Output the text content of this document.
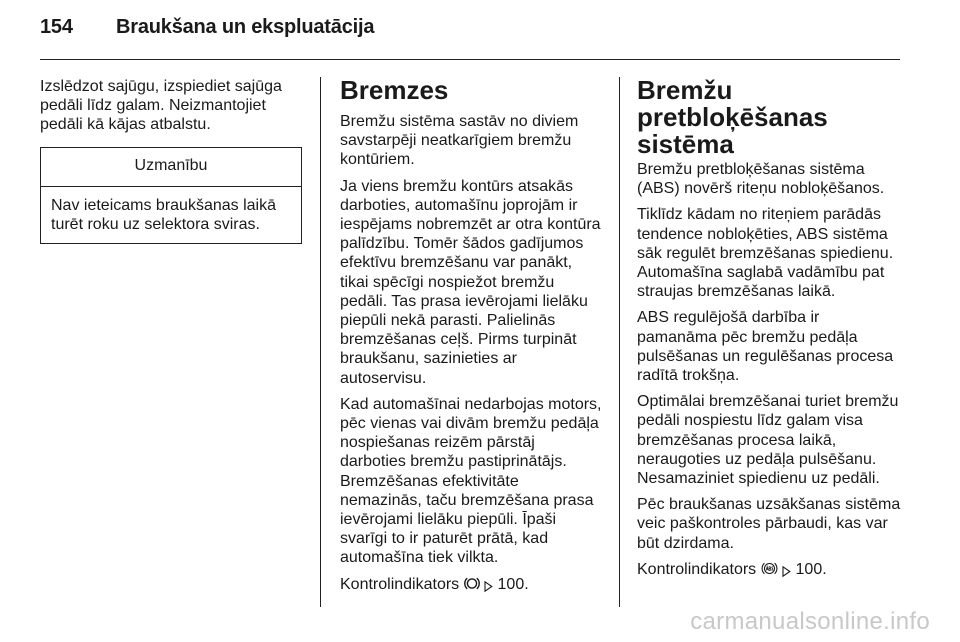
154 Braukšana un ekspluatācija

Izslēdzot sajūgu, izspiediet sajūga pedāli līdz galam. Neizmantojiet pedāli kā kājas atbalstu.

Uzmanību
Nav ieteicams braukšanas laikā turēt roku uz selektora sviras.
Bremzes

Bremžu sistēma sastāv no diviem savstarpēji neatkarīgiem bremžu kontūriem.

Ja viens bremžu kontūrs atsakās darboties, automašīnu joprojām ir iespējams nobremzēt ar otra kontūra palīdzību. Tomēr šādos gadījumos efektīvu bremzēšanu var panākt, tikai spēcīgi nospiežot bremžu pedāli. Tas prasa ievērojami lielāku piepūli nekā parasti. Palielinās bremzēšanas ceļš. Pirms turpināt braukšanu, sazinieties ar autoservisu.

Kad automašīnai nedarbojas motors, pēc vienas vai divām bremžu pedāļa nospiešanas reizēm pārstāj darboties bremžu pastiprinātājs. Bremzēšanas efektivitāte nemazinās, taču bremzēšana prasa ievērojami lielāku piepūli. Īpaši svarīgi to ir paturēt prātā, kad automašīna tiek vilkta.

Kontrolindikators 100.

Bremžu pretbloķēšanas sistēma

Bremžu pretbloķēšanas sistēma (ABS) novērš riteņu nobloķēšanos.

Tiklīdz kādam no riteņiem parādās tendence nobloķēties, ABS sistēma sāk regulēt bremzēšanas spiedienu. Automašīna saglabā vadāmību pat straujas bremzēšanas laikā.

ABS regulējošā darbība ir pamanāma pēc bremžu pedāļa pulsēšanas un regulēšanas procesa radītā trokšņa.

Optimālai bremzēšanai turiet bremžu pedāli nospiestu līdz galam visa bremzēšanas procesa laikā, neraugoties uz pedāļa pulsēšanu. Nesamaziniet spiedienu uz pedāli.

Pēc braukšanas uzsākšanas sistēma veic paškontroles pārbaudi, kas var būt dzirdama.

Kontrolindikators 100.

carmanualsonline.info
